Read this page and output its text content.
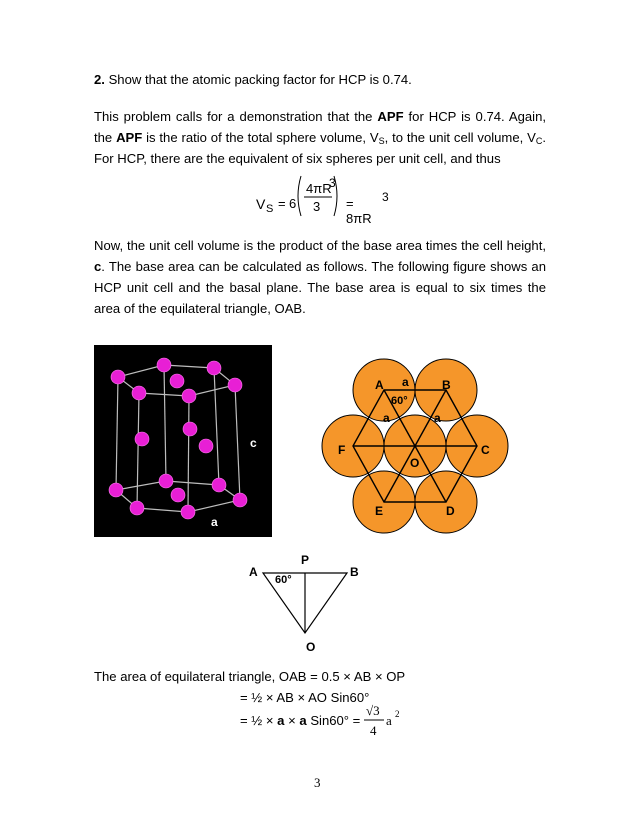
2. Show that the atomic packing factor for HCP is 0.74.
This problem calls for a demonstration that the APF for HCP is 0.74. Again, the APF is the ratio of the total sphere volume, $V_S$, to the unit cell volume, $V_C$. For HCP, there are the equivalent of six spheres per unit cell, and thus
V S = 6
4πR
3
3 = 8πR
3
Now, the unit cell volume is the product of the base area times the cell height, c. The base area can be calculated as follows. The following figure shows an HCP unit cell and the basal plane. The base area is equal to six times the area of the equilateral triangle, OAB.
c
a
A a	B
60°
a	a
F	C
O
E	D
P
A	B
60°
O
The area of equilateral triangle, OAB = 0.5 × AB × OP
= ½ × AB × AO Sin60°
= ½ × a × a Sin60° =
√3
4
a 2
3
